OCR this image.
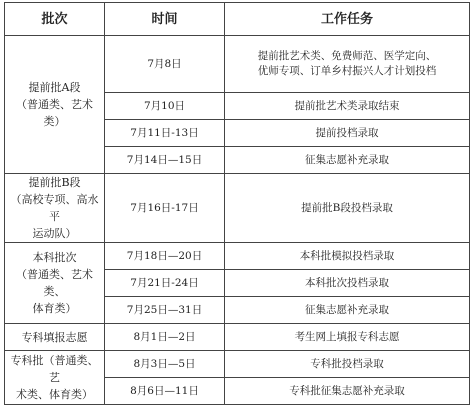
批次	时间	工作任务

提前批A段
（普通类、艺术类）	7月8日	提前批艺术类、免费师范、医学定向、
优师专项、订单乡村振兴人才计划投档

	7月10日	提前批艺术类录取结束
	7月11日-13日	提前投档录取
	7月14日—15日	征集志愿补充录取

提前批B段
（高校专项、高水平
运动队）	7月16日-17日	提前批B段投档录取

本科批次
（普通类、艺术类、
体育类）	7月18日—20日	本科批模拟投档录取
	7月21日-24日	本科批次投档录取
	7月25日—31日	征集志愿补充录取

专科填报志愿	8月1日—2日	考生网上填报专科志愿

专科批（普通类、艺
术类、体育类）	8月3日—5日	专科批投档录取
	8月6日—11日	专科批征集志愿补充录取
